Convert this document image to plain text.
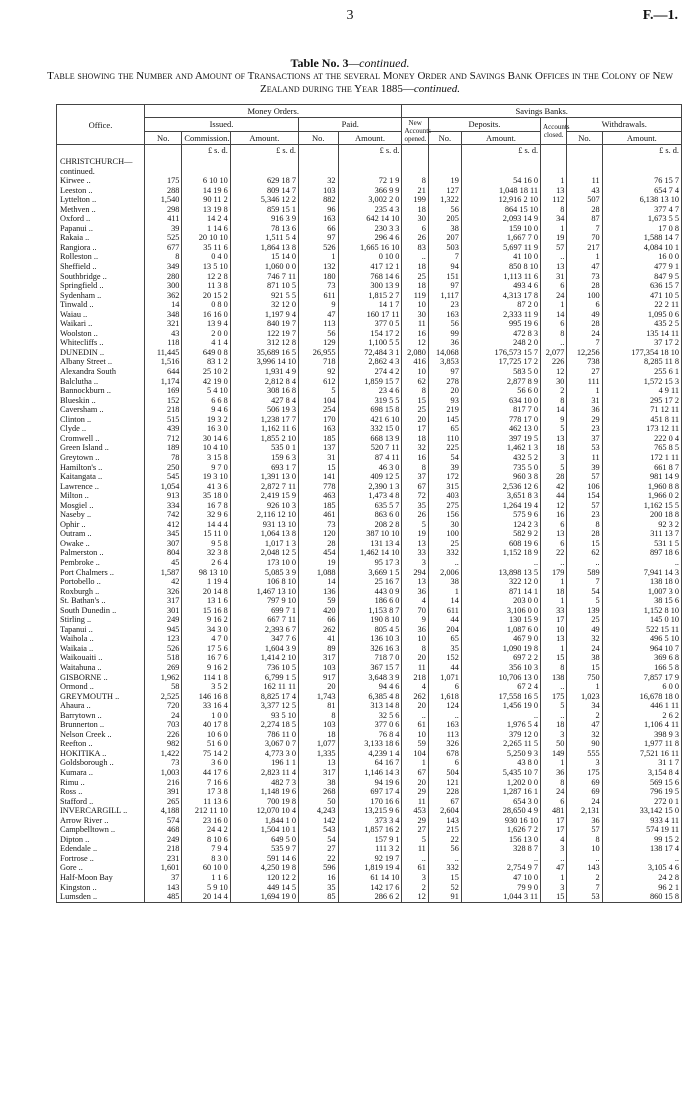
3	F.—1.
Table No. 3—continued.
Table showing the Number and Amount of Transactions at the several Money Order and Savings Bank Offices in the Colony of New Zealand during the Year 1885—continued.
Office.	Money Orders.					Savings Banks.					
	Issued.			Paid.		New Accounts opened.	Deposits.		Accounts closed.	Withdrawals.	
	No.	Commission.	Amount.	No.	Amount.		No.	Amount.		No.	Amount.
		£ s. d.	£ s. d.		£ s. d.			£ s. d.			£ s. d.
CHRISTCHURCH—											
continued.											
Kirwee ..	175	6 10 10	629 18 7	32	72 1 9	8	19	54 16 0	1	11	76 15 7
Leeston ..	288	14 19 6	809 14 7	103	366 9 9	21	127	1,048 18 11	13	43	654 7 4
Lyttelton ..	1,540	90 11 2	5,346 12 2	882	3,002 2 0	199	1,322	12,916 2 10	112	507	6,138 13 10
Methven ..	298	13 19 8	859 15 1	96	235 4 3	18	56	864 15 10	8	28	377 4 7
Oxford ..	411	14 2 4	916 3 9	163	642 14 10	30	205	2,093 14 9	34	87	1,673 5 5
Papanui ..	39	1 14 6	78 13 6	66	230 3 3	6	38	159 10 0	1	7	17 0 8
Rakaia ..	525	20 10 10	1,511 5 4	97	296 4 6	26	207	1,667 7 0	19	70	1,588 14 7
Rangiora ..	677	35 11 6	1,864 13 8	526	1,665 16 10	83	503	5,697 11 9	57	217	4,084 10 1
Rolleston ..	8	0 4 0	15 14 0	1	0 10 0	..	7	41 10 0	..	1	16 0 0
Sheffield ..	349	13 5 10	1,060 0 0	132	417 12 1	18	94	850 8 10	13	47	477 9 1
Southbridge ..	280	12 2 8	746 7 11	180	768 14 6	25	151	1,113 11 6	31	73	847 9 5
Springfield ..	300	11 3 8	871 10 5	73	300 13 9	18	97	493 4 6	6	28	636 15 7
Sydenham ..	362	20 15 2	921 5 5	611	1,815 2 7	119	1,117	4,313 17 8	24	100	471 10 5
Tinwald ..	14	0 8 0	32 12 0	9	14 1 7	10	23	87 2 0	1	6	22 2 11
Waiau ..	348	16 16 0	1,197 9 4	47	160 17 11	30	163	2,333 11 9	14	49	1,095 0 6
Waikari ..	321	13 9 4	840 19 7	113	377 0 5	11	56	995 19 6	6	28	435 2 5
Woolston ..	43	2 0 0	122 19 7	56	154 17 2	16	99	472 8 3	8	24	135 14 11
Whitecliffs ..	118	4 1 4	312 12 8	129	1,100 5 5	12	36	248 2 0	..	7	37 17 2
DUNEDIN ..	11,445	649 0 8	35,689 16 5	26,955	72,484 3 1	2,080	14,068	176,573 15 7	2,077	12,256	177,354 18 10
Albany Street ..	1,516	83 1 2	3,996 14 10	718	2,862 4 3	416	3,853	17,725 17 2	226	738	8,285 11 8
Alexandra South	644	25 10 2	1,931 4 9	92	274 4 2	10	97	583 5 0	12	27	255 6 1
Balclutha ..	1,174	42 19 0	2,812 8 4	612	1,859 15 7	62	278	2,877 8 9	30	111	1,572 15 3
Bannockburn ..	169	5 4 10	308 16 8	5	23 4 6	8	20	56 6 0	2	1	4 9 11
Blueskin ..	152	6 6 8	427 8 4	104	319 5 5	15	93	634 10 0	8	31	295 17 2
Caversham ..	218	9 4 6	506 19 3	254	698 15 8	25	219	817 7 0	14	36	71 12 11
Clinton ..	515	19 3 2	1,238 17 7	170	421 6 10	20	145	778 17 0	9	29	451 8 11
Clyde ..	439	16 3 0	1,162 11 6	163	332 15 0	17	65	462 13 0	5	23	173 12 11
Cromwell ..	712	30 14 6	1,855 2 10	185	668 13 9	18	110	397 19 5	13	37	222 0 4
Green Island ..	189	10 4 10	535 0 1	137	520 7 11	32	225	1,462 1 3	18	53	765 8 5
Greytown ..	78	3 15 8	159 6 3	31	87 4 11	16	54	432 5 2	3	11	172 1 11
Hamilton's ..	250	9 7 0	693 1 7	15	46 3 0	8	39	735 5 0	5	39	661 8 7
Kaitangata ..	545	19 3 10	1,391 13 0	141	409 12 5	37	172	960 3 8	28	57	981 14 9
Lawrence ..	1,054	41 3 6	2,872 7 11	778	2,390 1 3	67	315	2,536 12 6	42	106	1,960 8 8
Milton ..	913	35 18 0	2,419 15 9	463	1,473 4 8	72	403	3,651 8 3	44	154	1,966 0 2
Mosgiel ..	334	16 7 8	926 10 3	185	635 5 7	35	275	1,264 19 4	12	57	1,162 15 5
Naseby ..	742	32 9 6	2,116 12 10	461	863 6 0	26	156	575 9 6	16	23	200 18 8
Ophir ..	412	14 4 4	931 13 10	73	208 2 8	5	30	124 2 3	6	8	92 3 2
Outram ..	345	15 11 0	1,064 13 8	120	387 10 10	19	100	582 9 2	13	28	311 13 7
Owake ..	307	9 5 8	1,017 1 3	28	131 13 4	13	25	608 19 6	6	15	531 1 5
Palmerston ..	804	32 3 8	2,048 12 5	454	1,462 14 10	33	332	1,152 18 9	22	62	897 18 6
Pembroke ..	45	2 6 4	173 10 0	19	95 17 3	3	..	..	..	..	..
Port Chalmers ..	1,587	98 13 10	5,085 3 9	1,088	3,669 1 5	294	2,006	13,898 13 5	179	589	7,941 14 3
Portobello ..	42	1 19 4	106 8 10	14	25 16 7	13	38	322 12 0	1	7	138 18 0
Roxburgh ..	326	20 14 8	1,467 13 10	136	443 0 9	36	1	871 14 1	18	54	1,007 3 0
St. Bathan's ..	317	13 1 6	797 9 10	59	186 6 0	4	14	203 0 0	1	5	38 15 6
South Dunedin ..	301	15 16 8	699 7 1	420	1,153 8 7	70	611	3,106 0 0	33	139	1,152 8 10
Stirling ..	249	9 16 2	667 7 11	66	190 8 10	9	44	130 15 9	17	25	145 0 10
Tapanui ..	945	34 3 0	2,393 6 7	262	805 4 5	36	204	1,087 6 0	10	49	522 15 11
Waihola ..	123	4 7 0	347 7 6	41	136 10 3	10	65	467 9 0	13	32	496 5 10
Waikaia ..	526	17 5 6	1,604 3 9	89	326 16 3	8	35	1,090 19 8	1	24	964 10 7
Waikouaiti ..	518	16 7 6	1,414 2 10	317	718 7 0	20	152	697 2 2	15	38	369 6 8
Waitahuna ..	269	9 16 2	736 10 5	103	367 15 7	11	44	356 10 3	8	15	166 5 8
GISBORNE ..	1,962	114 1 8	6,799 1 5	917	3,648 3 9	218	1,071	10,706 13 0	138	750	7,857 17 9
Ormond ..	58	3 5 2	162 11 11	20	94 4 6	4	6	67 2 4	..	1	6 0 0
GREYMOUTH ..	2,525	146 16 8	8,825 17 4	1,743	6,385 4 8	262	1,618	17,558 16 5	175	1,023	16,678 18 0
Ahaura ..	720	33 16 4	3,377 12 5	81	313 14 8	20	124	1,456 19 0	5	34	446 1 11
Barrytown ..	24	1 0 0	93 5 10	8	32 5 6	..	..	..	..	2	2 6 2
Brunnerton ..	703	40 17 8	2,274 18 5	103	377 0 6	61	163	1,976 5 4	18	47	1,106 4 11
Nelson Creek ..	226	10 6 0	786 11 0	18	76 8 4	10	113	379 12 0	3	32	398 9 3
Reefton ..	982	51 6 0	3,067 0 7	1,077	3,133 18 6	59	326	2,265 11 5	50	90	1,977 11 8
HOKITIKA ..	1,422	75 14 2	4,773 3 0	1,335	4,239 1 4	104	678	5,250 9 3	149	555	7,521 16 11
Goldsborough ..	73	3 6 0	196 1 1	13	64 16 7	1	6	43 8 0	1	3	31 1 7
Kumara ..	1,003	44 17 6	2,823 11 4	317	1,146 14 3	67	504	5,435 10 7	36	175	3,154 8 4
Rimu ..	216	7 16 6	482 7 3	38	94 19 6	20	121	1,202 0 0	8	69	569 15 6
Ross ..	391	17 3 8	1,148 19 6	268	697 17 4	29	228	1,287 16 1	24	69	796 19 5
Stafford ..	265	11 13 6	700 19 8	50	170 16 6	11	67	654 3 0	6	24	272 0 1
INVERCARGILL ..	4,188	212 11 10	12,070 10 4	4,243	13,215 9 6	453	2,604	28,650 4 9	481	2,131	33,142 15 0
Arrow River ..	574	23 16 0	1,844 1 0	142	373 3 4	29	143	930 16 10	17	36	933 4 11
Campbelltown ..	468	24 4 2	1,504 10 1	543	1,857 16 2	27	215	1,626 7 2	17	57	574 19 11
Dipton ..	249	8 10 6	649 5 0	54	157 9 1	5	22	156 13 0	4	8	99 15 2
Edendale ..	218	7 9 4	535 9 7	27	111 3 2	11	56	328 8 7	3	10	138 17 4
Fortrose ..	231	8 3 0	591 14 6	22	92 19 7	..	..	..	..	..	..
Gore ..	1,601	60 10 0	4,250 19 8	596	1,819 19 4	61	332	2,754 9 7	47	143	3,105 4 6
Half-Moon Bay	37	1 1 6	120 12 2	16	61 14 10	3	15	47 10 0	1	2	24 2 8
Kingston ..	143	5 9 10	449 14 5	35	142 17 6	2	52	79 9 0	3	7	96 2 1
Lumsden ..	485	20 14 4	1,694 19 0	85	286 6 2	12	91	1,044 3 11	15	53	860 15 8
